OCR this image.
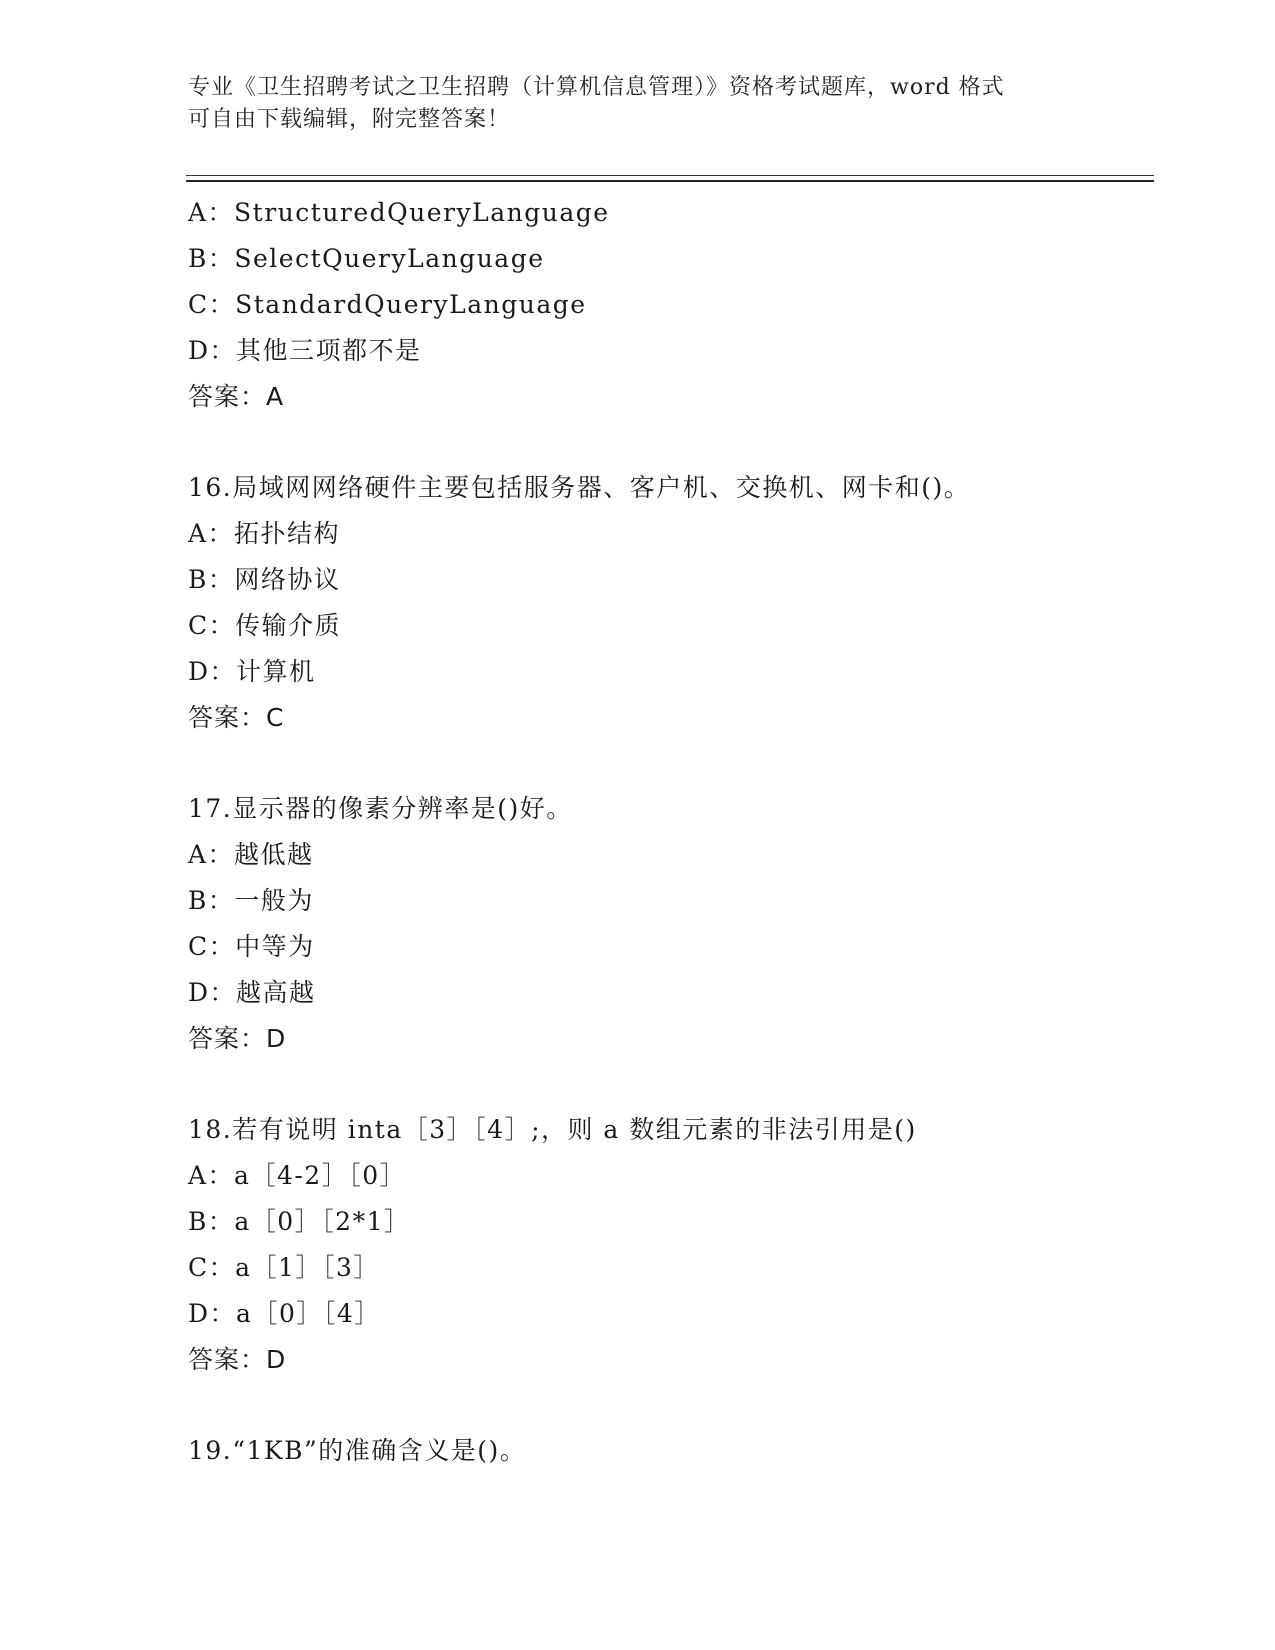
专业《卫生招聘考试之卫生招聘（计算机信息管理）》资格考试题库，word 格式
可自由下载编辑，附完整答案！
A：StructuredQueryLanguage
B：SelectQueryLanguage
C：StandardQueryLanguage
D：其他三项都不是
答案：A
16.局域网网络硬件主要包括服务器、客户机、交换机、网卡和()。
A：拓扑结构
B：网络协议
C：传输介质
D：计算机
答案：C
17.显示器的像素分辨率是()好。
A：越低越
B：一般为
C：中等为
D：越高越
答案：D
18.若有说明 inta［3］［4］;，则 a 数组元素的非法引用是()
A：a［4-2］［0］
B：a［0］［2*1］
C：a［1］［3］
D：a［0］［4］
答案：D
19.“1KB”的准确含义是()。
